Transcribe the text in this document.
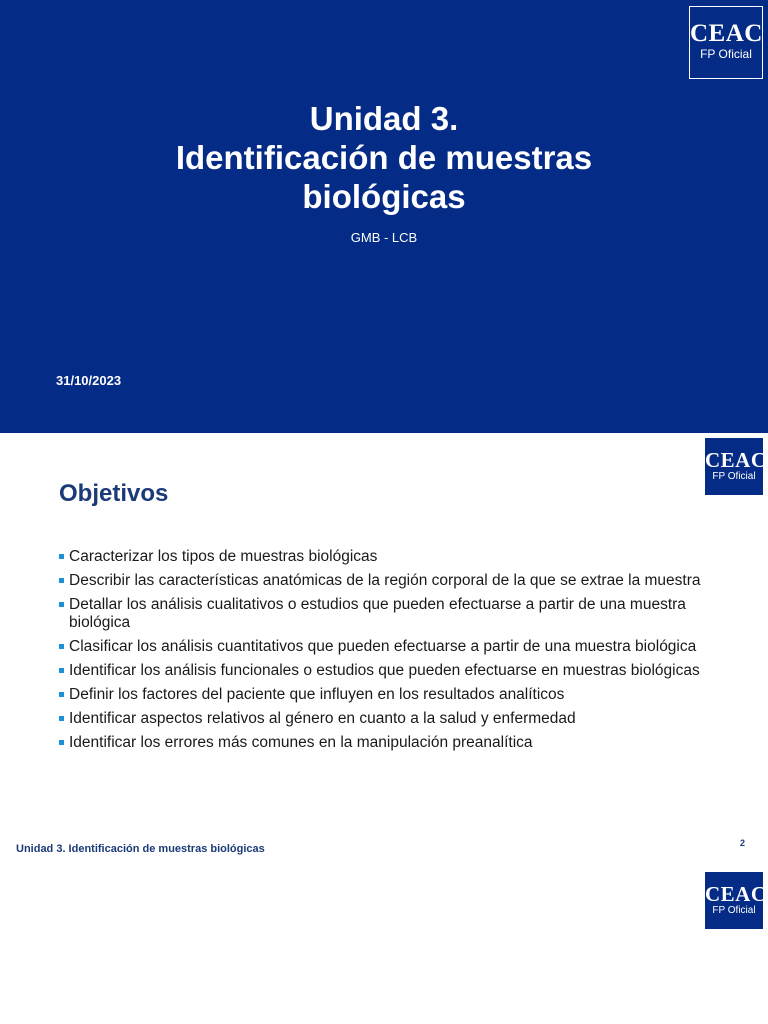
CEAC
FP Oficial
Unidad 3.
Identificación de muestras
biológicas
GMB - LCB
31/10/2023
CEAC
FP Oficial
Objetivos
Caracterizar los tipos de muestras biológicas
Describir las características anatómicas de la región corporal de la que se extrae la muestra
Detallar los análisis cualitativos o estudios que pueden efectuarse a partir de una muestra biológica
Clasificar los análisis cuantitativos que pueden efectuarse a partir de una muestra biológica
Identificar los análisis funcionales o estudios que pueden efectuarse en muestras biológicas
Definir los factores del paciente que influyen en los resultados analíticos
Identificar aspectos relativos al género en cuanto a la salud y enfermedad
Identificar los errores más comunes en la manipulación preanalítica
Unidad 3. Identificación de muestras biológicas	2
CEAC
FP Oficial
